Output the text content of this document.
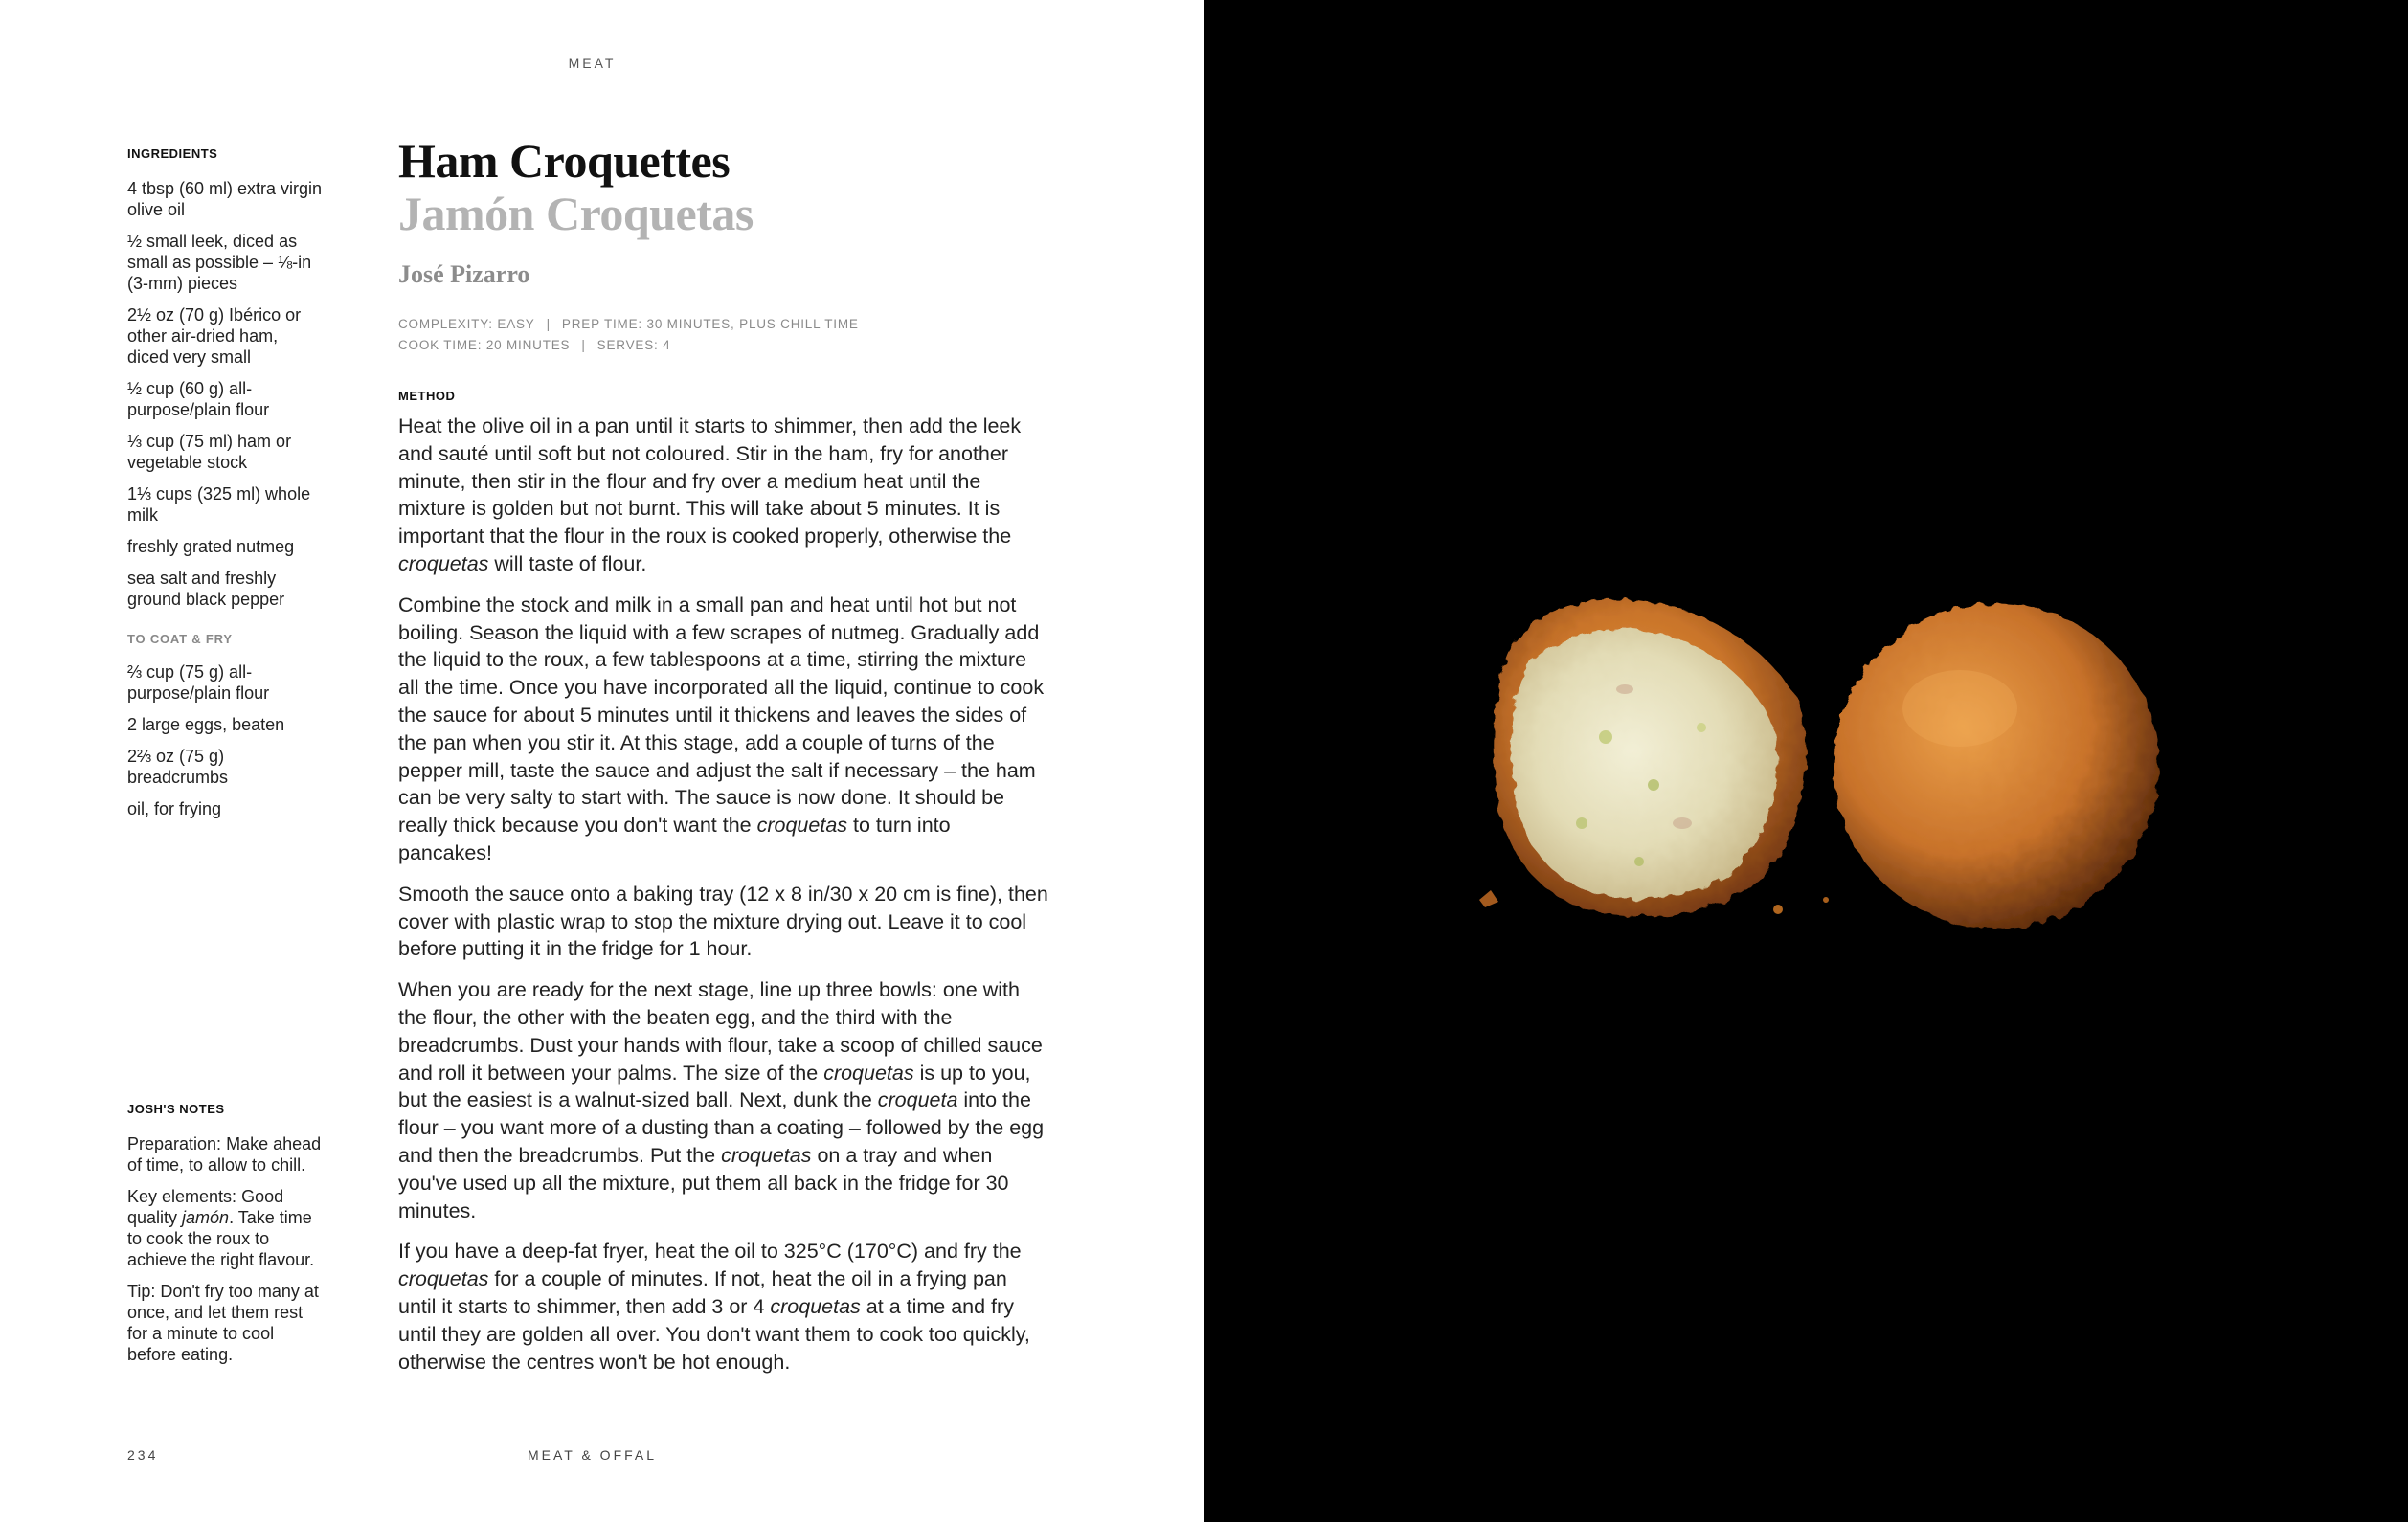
MEAT
INGREDIENTS
4 tbsp (60 ml) extra virgin olive oil
½ small leek, diced as small as possible – ⅛-in (3-mm) pieces
2½ oz (70 g) Ibérico or other air-dried ham, diced very small
½ cup (60 g) all-purpose/plain flour
⅓ cup (75 ml) ham or vegetable stock
1⅓ cups (325 ml) whole milk
freshly grated nutmeg
sea salt and freshly ground black pepper
TO COAT & FRY
⅔ cup (75 g) all-purpose/plain flour
2 large eggs, beaten
2⅔ oz (75 g) breadcrumbs
oil, for frying
JOSH'S NOTES

Preparation: Make ahead of time, to allow to chill.

Key elements: Good quality jamón. Take time to cook the roux to achieve the right flavour.

Tip: Don't fry too many at once, and let them rest for a minute to cool before eating.

Ham Croquettes
Jamón Croquetas
José Pizarro
COMPLEXITY: EASY | PREP TIME: 30 MINUTES, PLUS CHILL TIME
COOK TIME: 20 MINUTES | SERVES: 4
METHOD

Heat the olive oil in a pan until it starts to shimmer, then add the leek and sauté until soft but not coloured. Stir in the ham, fry for another minute, then stir in the flour and fry over a medium heat until the mixture is golden but not burnt. This will take about 5 minutes. It is important that the flour in the roux is cooked properly, otherwise the croquetas will taste of flour.

Combine the stock and milk in a small pan and heat until hot but not boiling. Season the liquid with a few scrapes of nutmeg. Gradually add the liquid to the roux, a few tablespoons at a time, stirring the mixture all the time. Once you have incorporated all the liquid, continue to cook the sauce for about 5 minutes until it thickens and leaves the sides of the pan when you stir it. At this stage, add a couple of turns of the pepper mill, taste the sauce and adjust the salt if necessary – the ham can be very salty to start with. The sauce is now done. It should be really thick because you don't want the croquetas to turn into pancakes!

Smooth the sauce onto a baking tray (12 x 8 in/30 x 20 cm is fine), then cover with plastic wrap to stop the mixture drying out. Leave it to cool before putting it in the fridge for 1 hour.

When you are ready for the next stage, line up three bowls: one with the flour, the other with the beaten egg, and the third with the breadcrumbs. Dust your hands with flour, take a scoop of chilled sauce and roll it between your palms. The size of the croquetas is up to you, but the easiest is a walnut-sized ball. Next, dunk the croqueta into the flour – you want more of a dusting than a coating – followed by the egg and then the breadcrumbs. Put the croquetas on a tray and when you've used up all the mixture, put them all back in the fridge for 30 minutes.

If you have a deep-fat fryer, heat the oil to 325°C (170°C) and fry the croquetas for a couple of minutes. If not, heat the oil in a frying pan until it starts to shimmer, then add 3 or 4 croquetas at a time and fry until they are golden all over. You don't want them to cook too quickly, otherwise the centres won't be hot enough.

234	MEAT & OFFAL
